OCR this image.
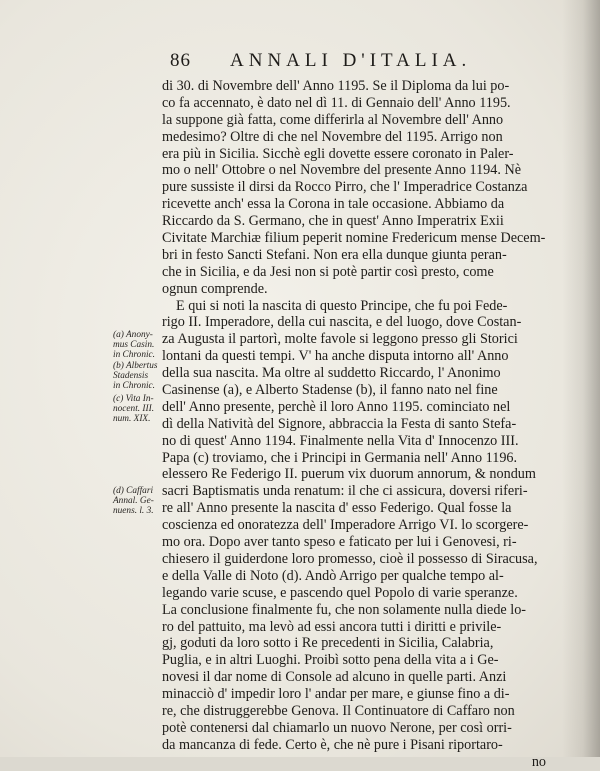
86 ANNALI D'ITALIA.
di 30. di Novembre dell' Anno 1195. Se il Diploma da lui po-
co fa accennato, è dato nel dì 11. di Gennaio dell' Anno 1195.
la suppone già fatta, come differirla al Novembre dell' Anno
medesimo? Oltre di che nel Novembre del 1195. Arrigo non
era più in Sicilia. Sicchè egli dovette essere coronato in Paler-
mo o nell' Ottobre o nel Novembre del presente Anno 1194. Nè
pure sussiste il dirsi da Rocco Pirro, che l' Imperadrice Costanza
ricevette anch' essa la Corona in tale occasione. Abbiamo da
Riccardo da S. Germano, che in quest' Anno Imperatrix Exii
Civitate Marchiæ filium peperit nomine Fredericum mense Decem-
bri in festo Sancti Stefani. Non era ella dunque giunta peran-
che in Sicilia, e da Jesi non si potè partir così presto, come
ognun comprende.
E qui si noti la nascita di questo Principe, che fu poi Fede-
rigo II. Imperadore, della cui nascita, e del luogo, dove Costan-
za Augusta il partorì, molte favole si leggono presso gli Storici
lontani da questi tempi. V' ha anche disputa intorno all' Anno
della sua nascita. Ma oltre al suddetto Riccardo, l' Anonimo
Casinense (a), e Alberto Stadense (b), il fanno nato nel fine
dell' Anno presente, perchè il loro Anno 1195. cominciato nel
dì della Natività del Signore, abbraccia la Festa di santo Stefa-
no di quest' Anno 1194. Finalmente nella Vita d' Innocenzo III.
Papa (c) troviamo, che i Principi in Germania nell' Anno 1196.
elessero Re Federigo II. puerum vix duorum annorum, & nondum
sacri Baptismatis unda renatum: il che ci assicura, doversi riferi-
re all' Anno presente la nascita d' esso Federigo. Qual fosse la
coscienza ed onoratezza dell' Imperadore Arrigo VI. lo scorgere-
mo ora. Dopo aver tanto speso e faticato per lui i Genovesi, ri-
chiesero il guiderdone loro promesso, cioè il possesso di Siracusa,
e della Valle di Noto (d). Andò Arrigo per qualche tempo al-
legando varie scuse, e pascendo quel Popolo di varie speranze.
La conclusione finalmente fu, che non solamente nulla diede lo-
ro del pattuito, ma levò ad essi ancora tutti i diritti e privile-
gj, goduti da loro sotto i Re precedenti in Sicilia, Calabria,
Puglia, e in altri Luoghi. Proibì sotto pena della vita a i Ge-
novesi il dar nome di Console ad alcuno in quelle parti. Anzi
minacciò d' impedir loro l' andar per mare, e giunse fino a di-
re, che distruggerebbe Genova. Il Continuatore di Caffaro non
potè contenersi dal chiamarlo un nuovo Nerone, per così orri-
da mancanza di fede. Certo è, che nè pure i Pisani riportaro-
no
(a) Anony-
mus Casin.
in Chronic.
(b) Albertus
Stadensis
in Chronic.
(c) Vita In-
nocent. III.
num. XIX.
(d) Caffari
Annal. Ge-
nuens. l. 3.
